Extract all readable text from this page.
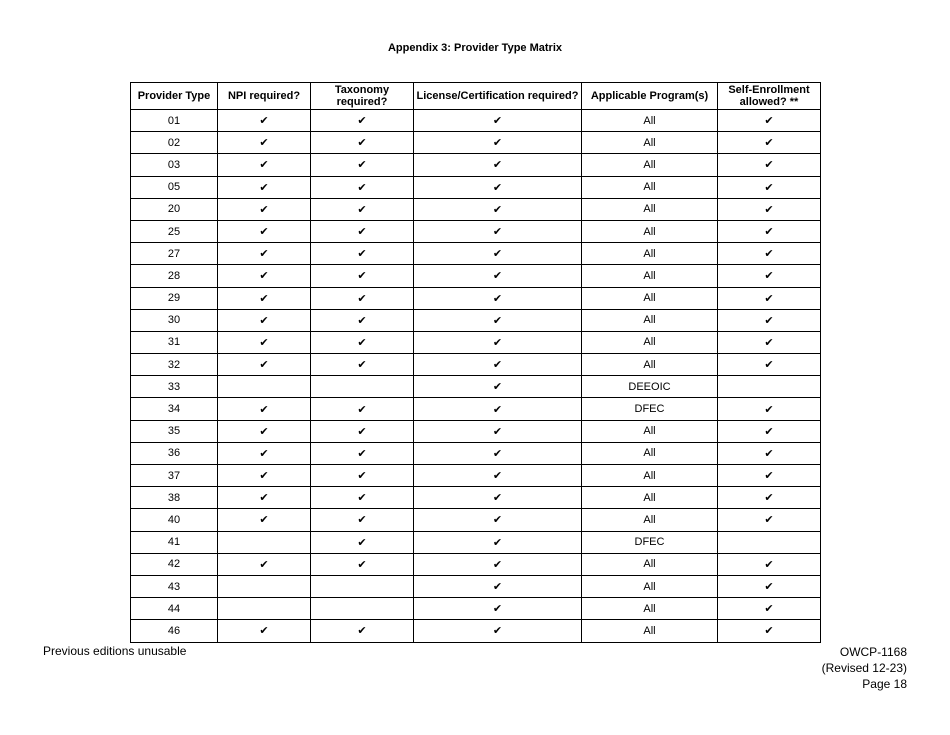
Appendix 3: Provider Type Matrix
Provider Type	NPI required?	Taxonomy required?	License/Certification required?	Applicable Program(s)	Self-Enrollment allowed? **
01	✔	✔	✔	All	✔
02	✔	✔	✔	All	✔
03	✔	✔	✔	All	✔
05	✔	✔	✔	All	✔
20	✔	✔	✔	All	✔
25	✔	✔	✔	All	✔
27	✔	✔	✔	All	✔
28	✔	✔	✔	All	✔
29	✔	✔	✔	All	✔
30	✔	✔	✔	All	✔
31	✔	✔	✔	All	✔
32	✔	✔	✔	All	✔
33			✔	DEEOIC	
34	✔	✔	✔	DFEC	✔
35	✔	✔	✔	All	✔
36	✔	✔	✔	All	✔
37	✔	✔	✔	All	✔
38	✔	✔	✔	All	✔
40	✔	✔	✔	All	✔
41		✔	✔	DFEC	
42	✔	✔	✔	All	✔
43			✔	All	✔
44			✔	All	✔
46	✔	✔	✔	All	✔
Previous editions unusable	OWCP-1168
(Revised 12-23)
Page 18
